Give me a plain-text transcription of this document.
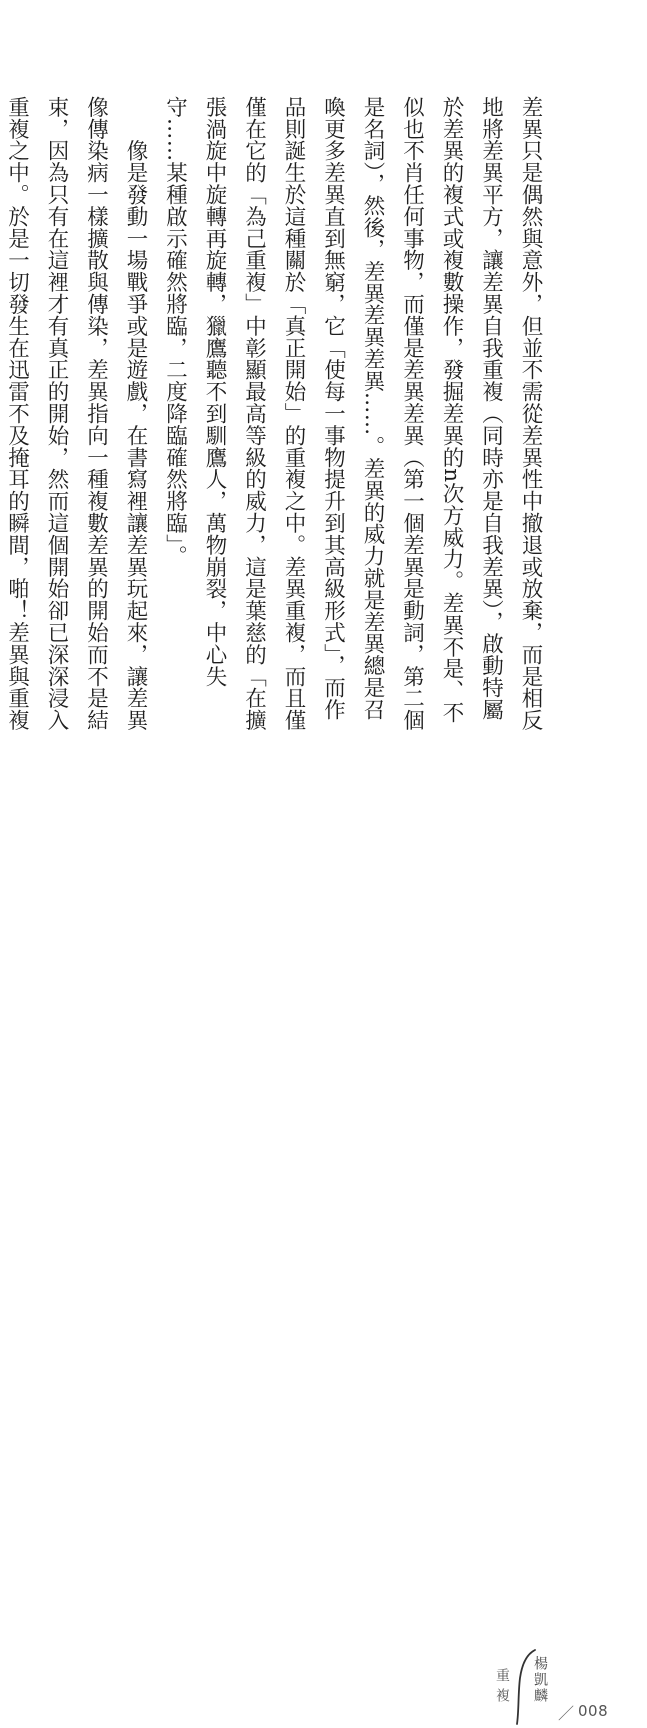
差異只是偶然與意外，但並不需從差異性中撤退或放棄，而是相反地將差異平方，讓差異自我重複（同時亦是自我差異），啟動特屬於差異的複式或複數操作，發掘差異的n次方威力。差異不是、不似也不肖任何事物，而僅是差異差異（第一個差異是動詞，第二個是名詞），然後，差異差異差異……。差異的威力就是差異總是召喚更多差異直到無窮，它「使每一事物提升到其高級形式」，而作品則誕生於這種關於「真正開始」的重複之中。差異重複，而且僅僅在它的「為己重複」中彰顯最高等級的威力，這是葉慈的「在擴張渦旋中旋轉再旋轉，獵鷹聽不到馴鷹人，萬物崩裂，中心失守……某種啟示確然將臨，二度降臨確然將臨」。

　　像是發動一場戰爭或是遊戲，在書寫裡讓差異玩起來，讓差異像傳染病一樣擴散與傳染，差異指向一種複數差異的開始而不是結束，因為只有在這裡才有真正的開始，然而這個開始卻已深深浸入重複之中。於是一切發生在迅雷不及掩耳的瞬間，啪！差異與重複

重複 楊凱麟
／ 008
